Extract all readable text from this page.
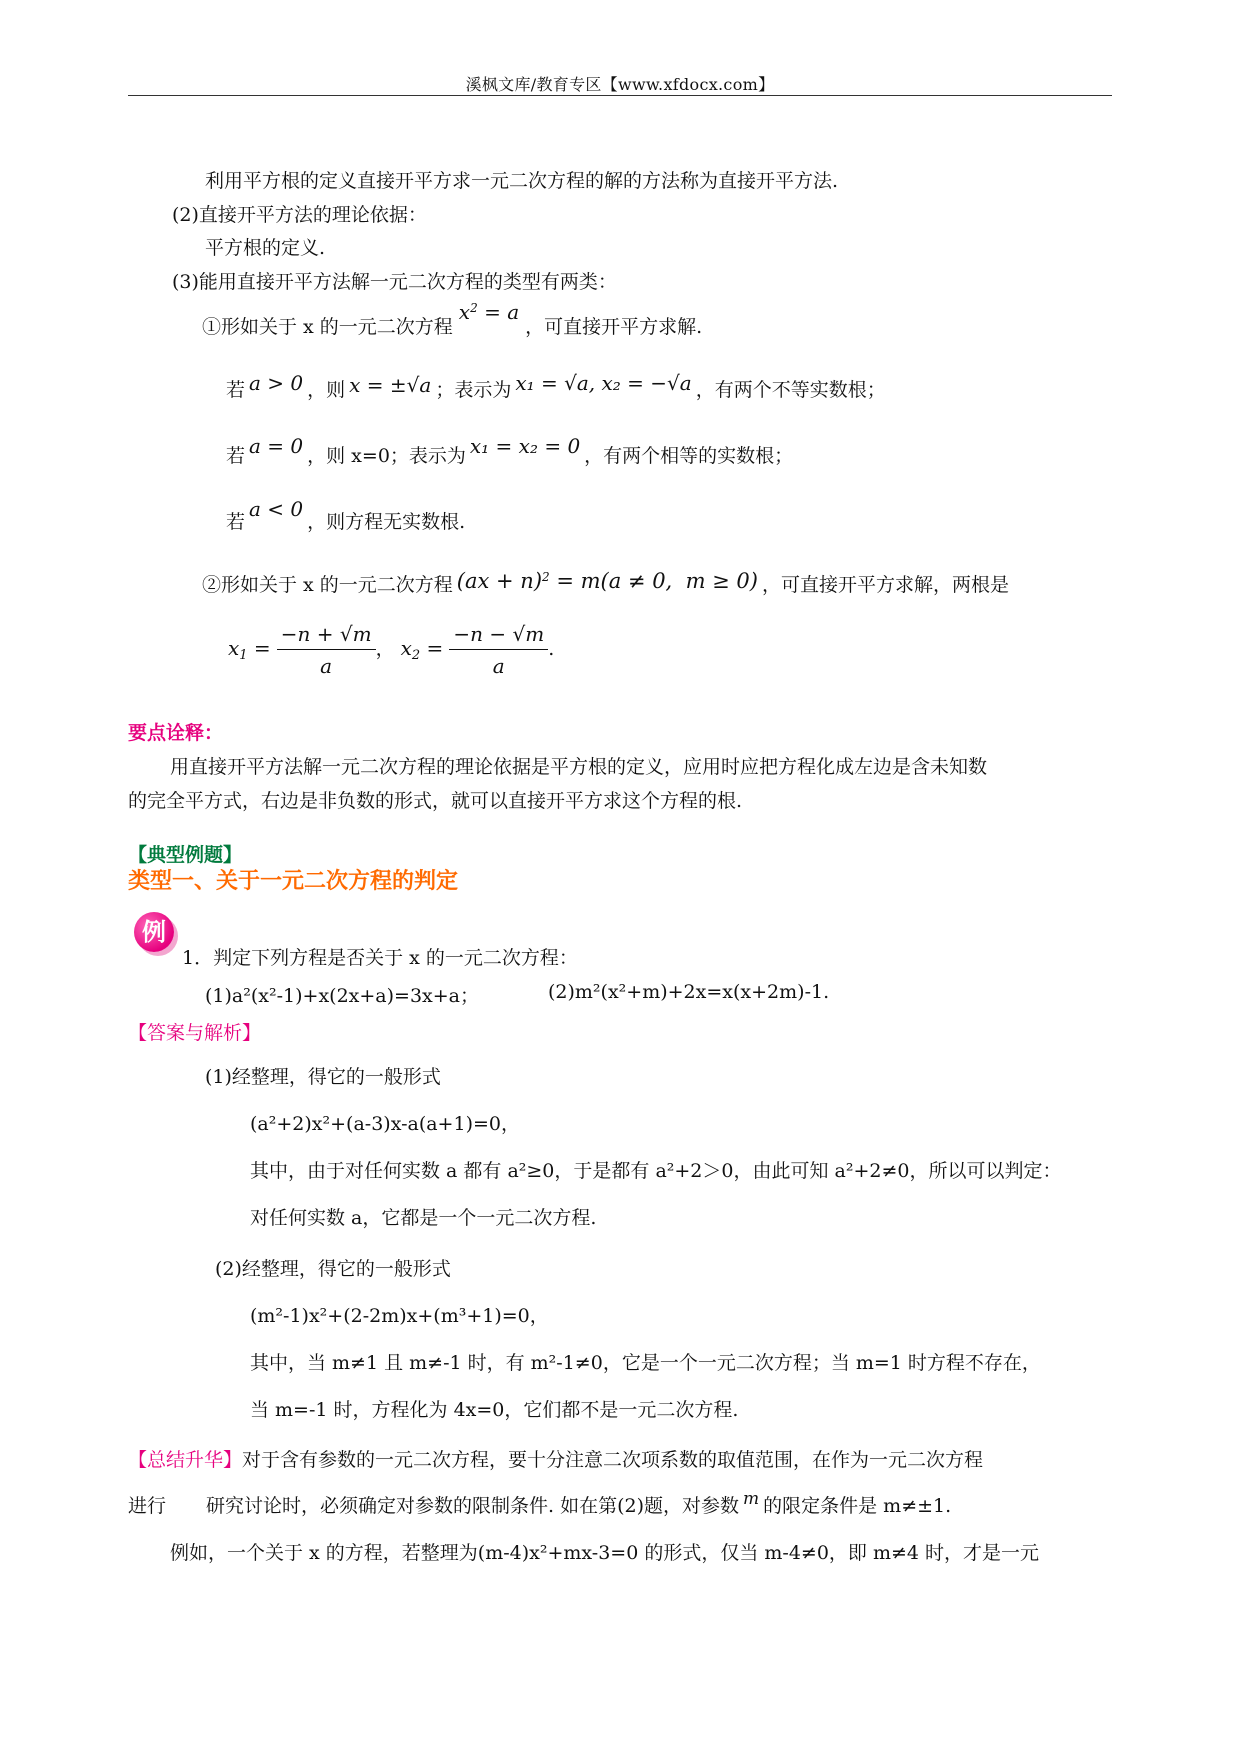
溪枫文库/教育专区【www.xfdocx.com】
利用平方根的定义直接开平方求一元二次方程的解的方法称为直接开平方法.
(2)直接开平方法的理论依据：
平方根的定义.
(3)能用直接开平方法解一元二次方程的类型有两类：
①形如关于 x 的一元二次方程$x^2 = a$，可直接开平方求解.
若 a > 0 ，则 x = ±√a ；表示为 x₁ = √a, x₂ = −√a ，有两个不等实数根；
若 a = 0 ，则 x=0；表示为 x₁ = x₂ = 0 ，有两个相等的实数根；
若a < 0，则方程无实数根.
②形如关于 x 的一元二次方程 (ax + n)$^2$ = m(a ≠ 0,  m ≥ 0) ，可直接开平方求解，两根是
$x_1 = \frac{-n + √m}{a}$ ， $x_2 = \frac{-n - √m}{a}$ .
要点诠释：
用直接开平方法解一元二次方程的理论依据是平方根的定义，应用时应把方程化成左边是含未知数
的完全平方式，右边是非负数的形式，就可以直接开平方求这个方程的根.
【典型例题】
类型一、关于一元二次方程的判定
例
1．判定下列方程是否关于 x 的一元二次方程：
(1)a²(x²-1)+x(2x+a)=3x+a；	(2)m²(x²+m)+2x=x(x+2m)-1.
【答案与解析】
(1)经整理，得它的一般形式
(a²+2)x²+(a-3)x-a(a+1)=0，
其中，由于对任何实数 a 都有 a²≥0，于是都有 a²+2＞0，由此可知 a²+2≠0，所以可以判定：
对任何实数 a，它都是一个一元二次方程.
(2)经整理，得它的一般形式
(m²-1)x²+(2-2m)x+(m³+1)=0，
其中，当 m≠1 且 m≠-1 时，有 m²-1≠0，它是一个一元二次方程；当 m=1 时方程不存在，
当 m=-1 时，方程化为 4x=0，它们都不是一元二次方程.
【总结升华】对于含有参数的一元二次方程，要十分注意二次项系数的取值范围，在作为一元二次方程
进行 研究讨论时，必须确定对参数的限制条件. 如在第(2)题，对参数 m 的限定条件是 m≠±1.
例如，一个关于 x 的方程，若整理为(m-4)x²+mx-3=0 的形式，仅当 m-4≠0，即 m≠4 时，才是一元
